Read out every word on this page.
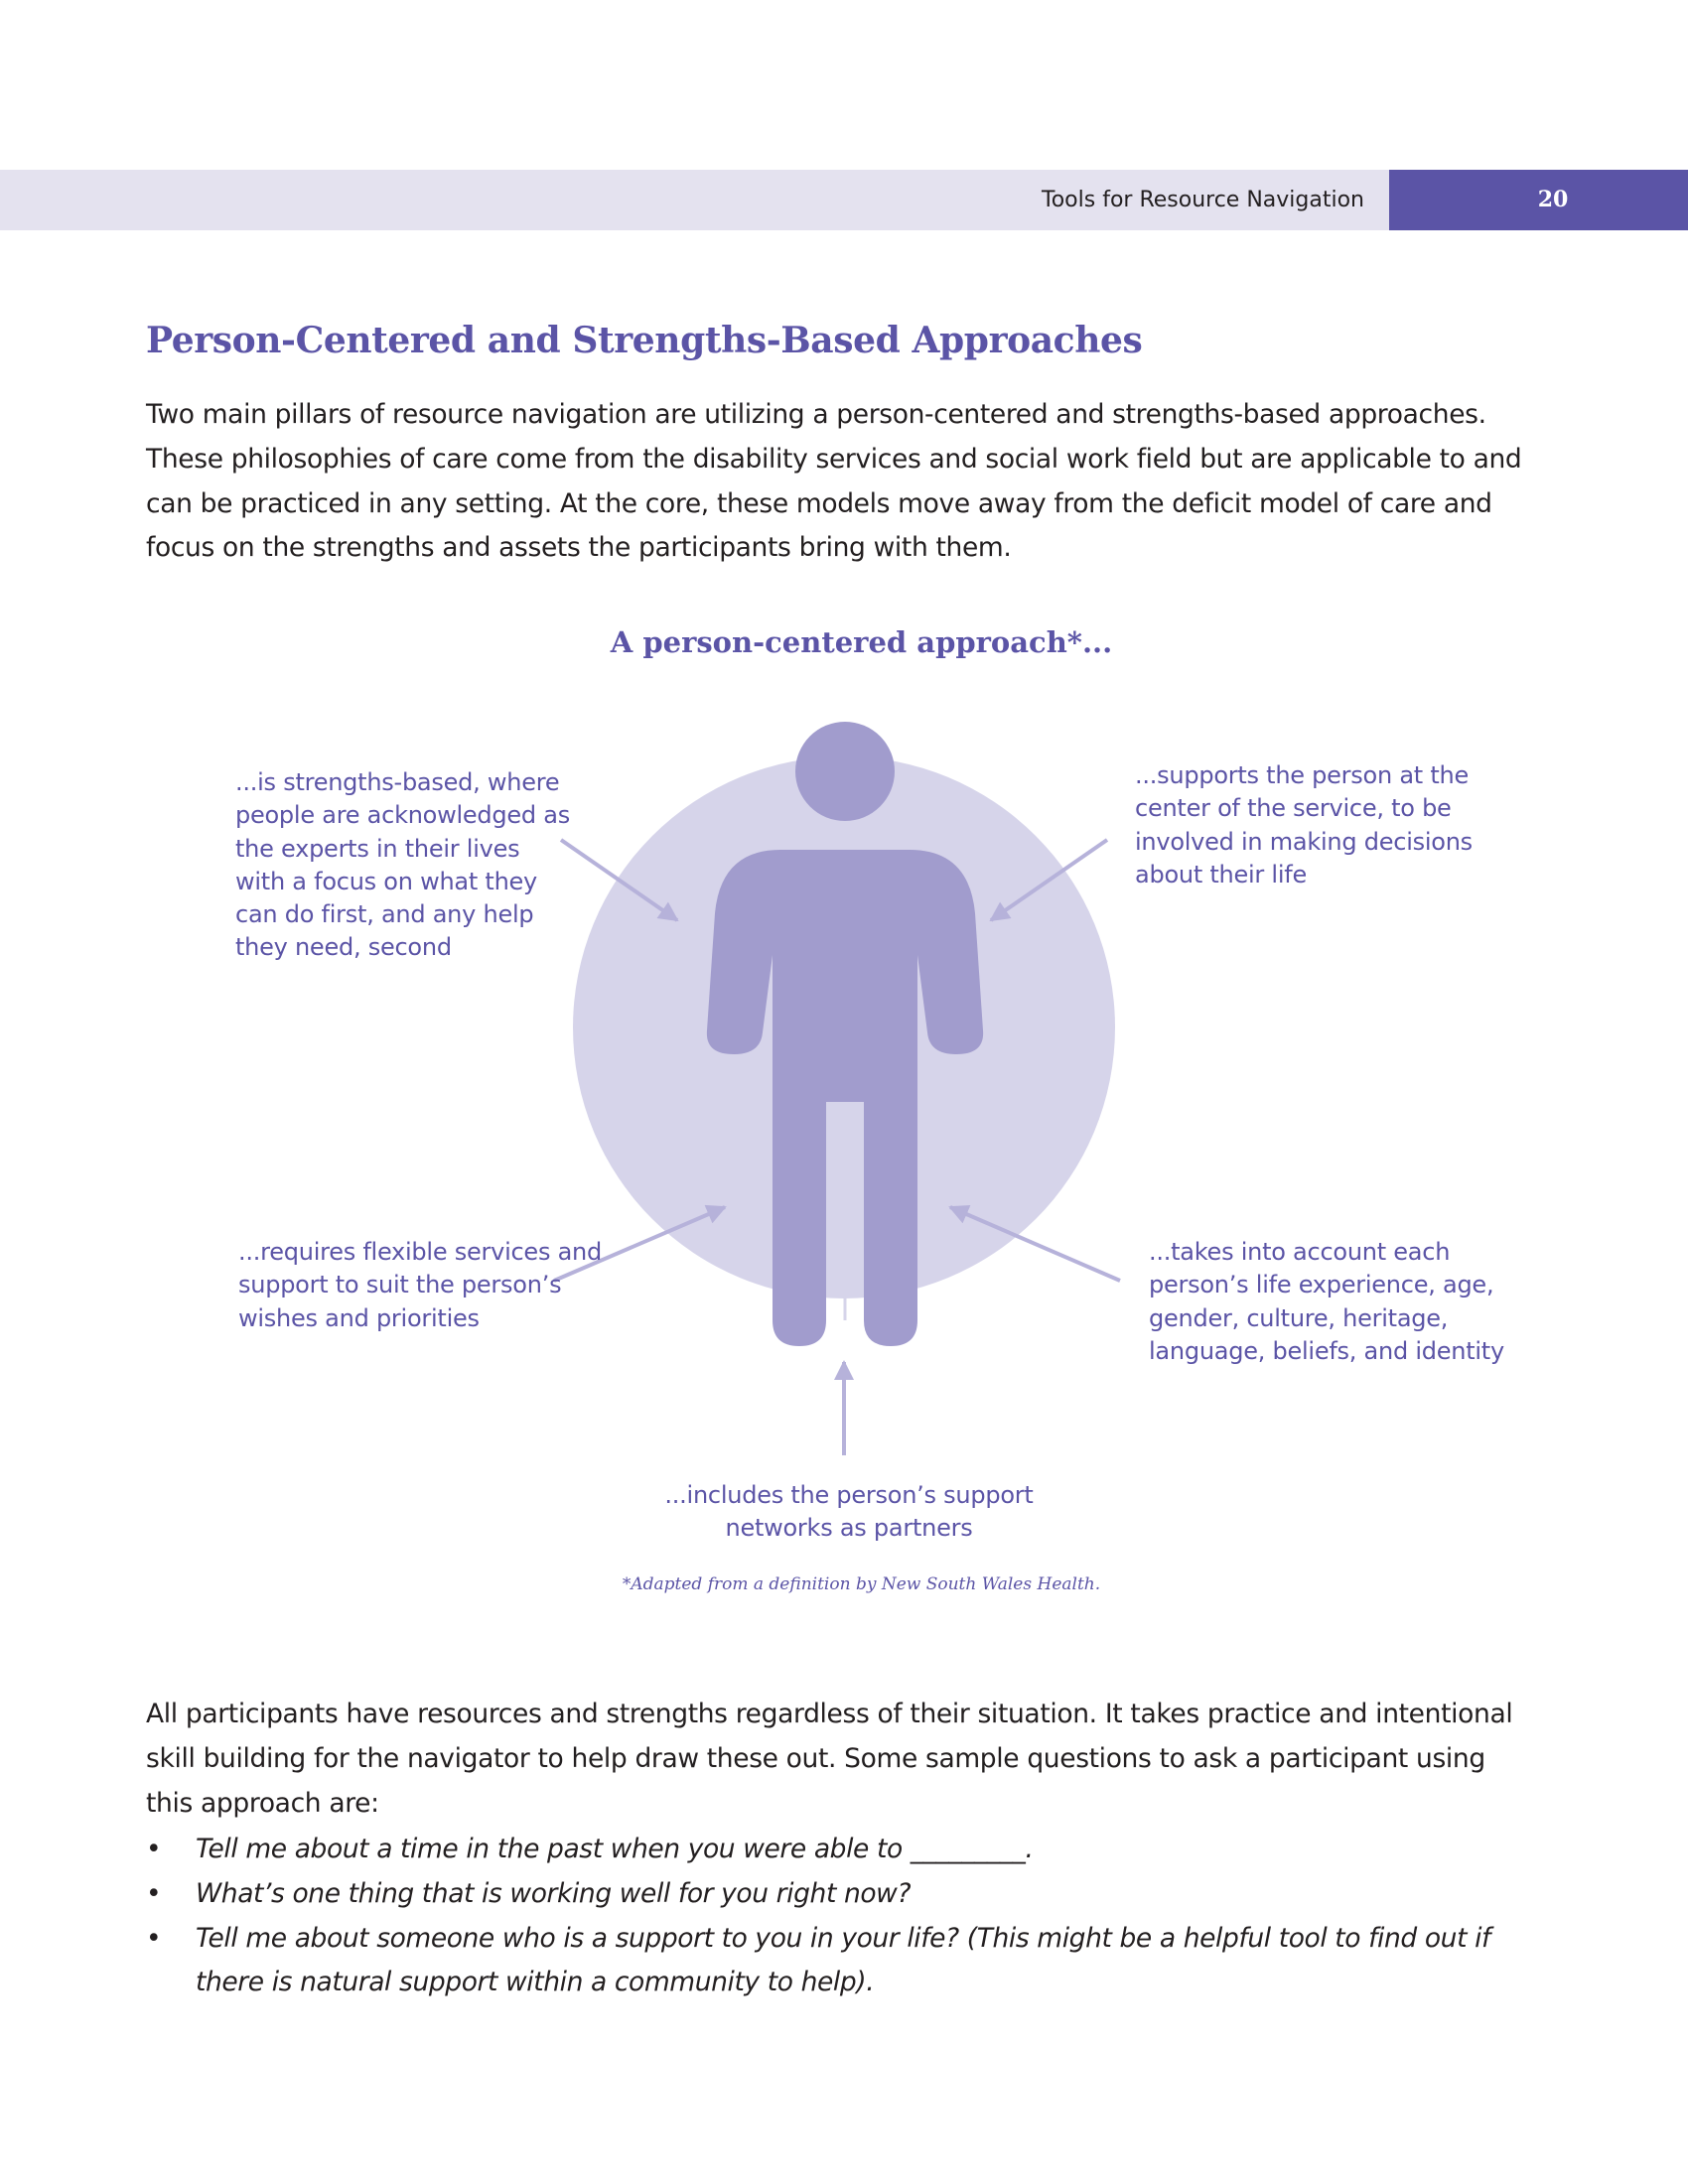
Tools for Resource Navigation	20
Person-Centered and Strengths-Based Approaches

Two main pillars of resource navigation are utilizing a person-centered and strengths-based approaches. These philosophies of care come from the disability services and social work field but are applicable to and can be practiced in any setting. At the core, these models move away from the deficit model of care and focus on the strengths and assets the participants bring with them.

A person-centered approach*...

...is strengths-based, where people are acknowledged as the experts in their lives with a focus on what they can do first, and any help they need, second

...supports the person at the center of the service, to be involved in making decisions about their life

...requires flexible services and support to suit the person’s wishes and priorities

...takes into account each person’s life experience, age, gender, culture, heritage, language, beliefs, and identity

...includes the person’s support networks as partners

*Adapted from a definition by New South Wales Health.

All participants have resources and strengths regardless of their situation. It takes practice and intentional skill building for the navigator to help draw these out. Some sample questions to ask a participant using this approach are:

• Tell me about a time in the past when you were able to _________.
• What’s one thing that is working well for you right now?
• Tell me about someone who is a support to you in your life? (This might be a helpful tool to find out if there is natural support within a community to help).
